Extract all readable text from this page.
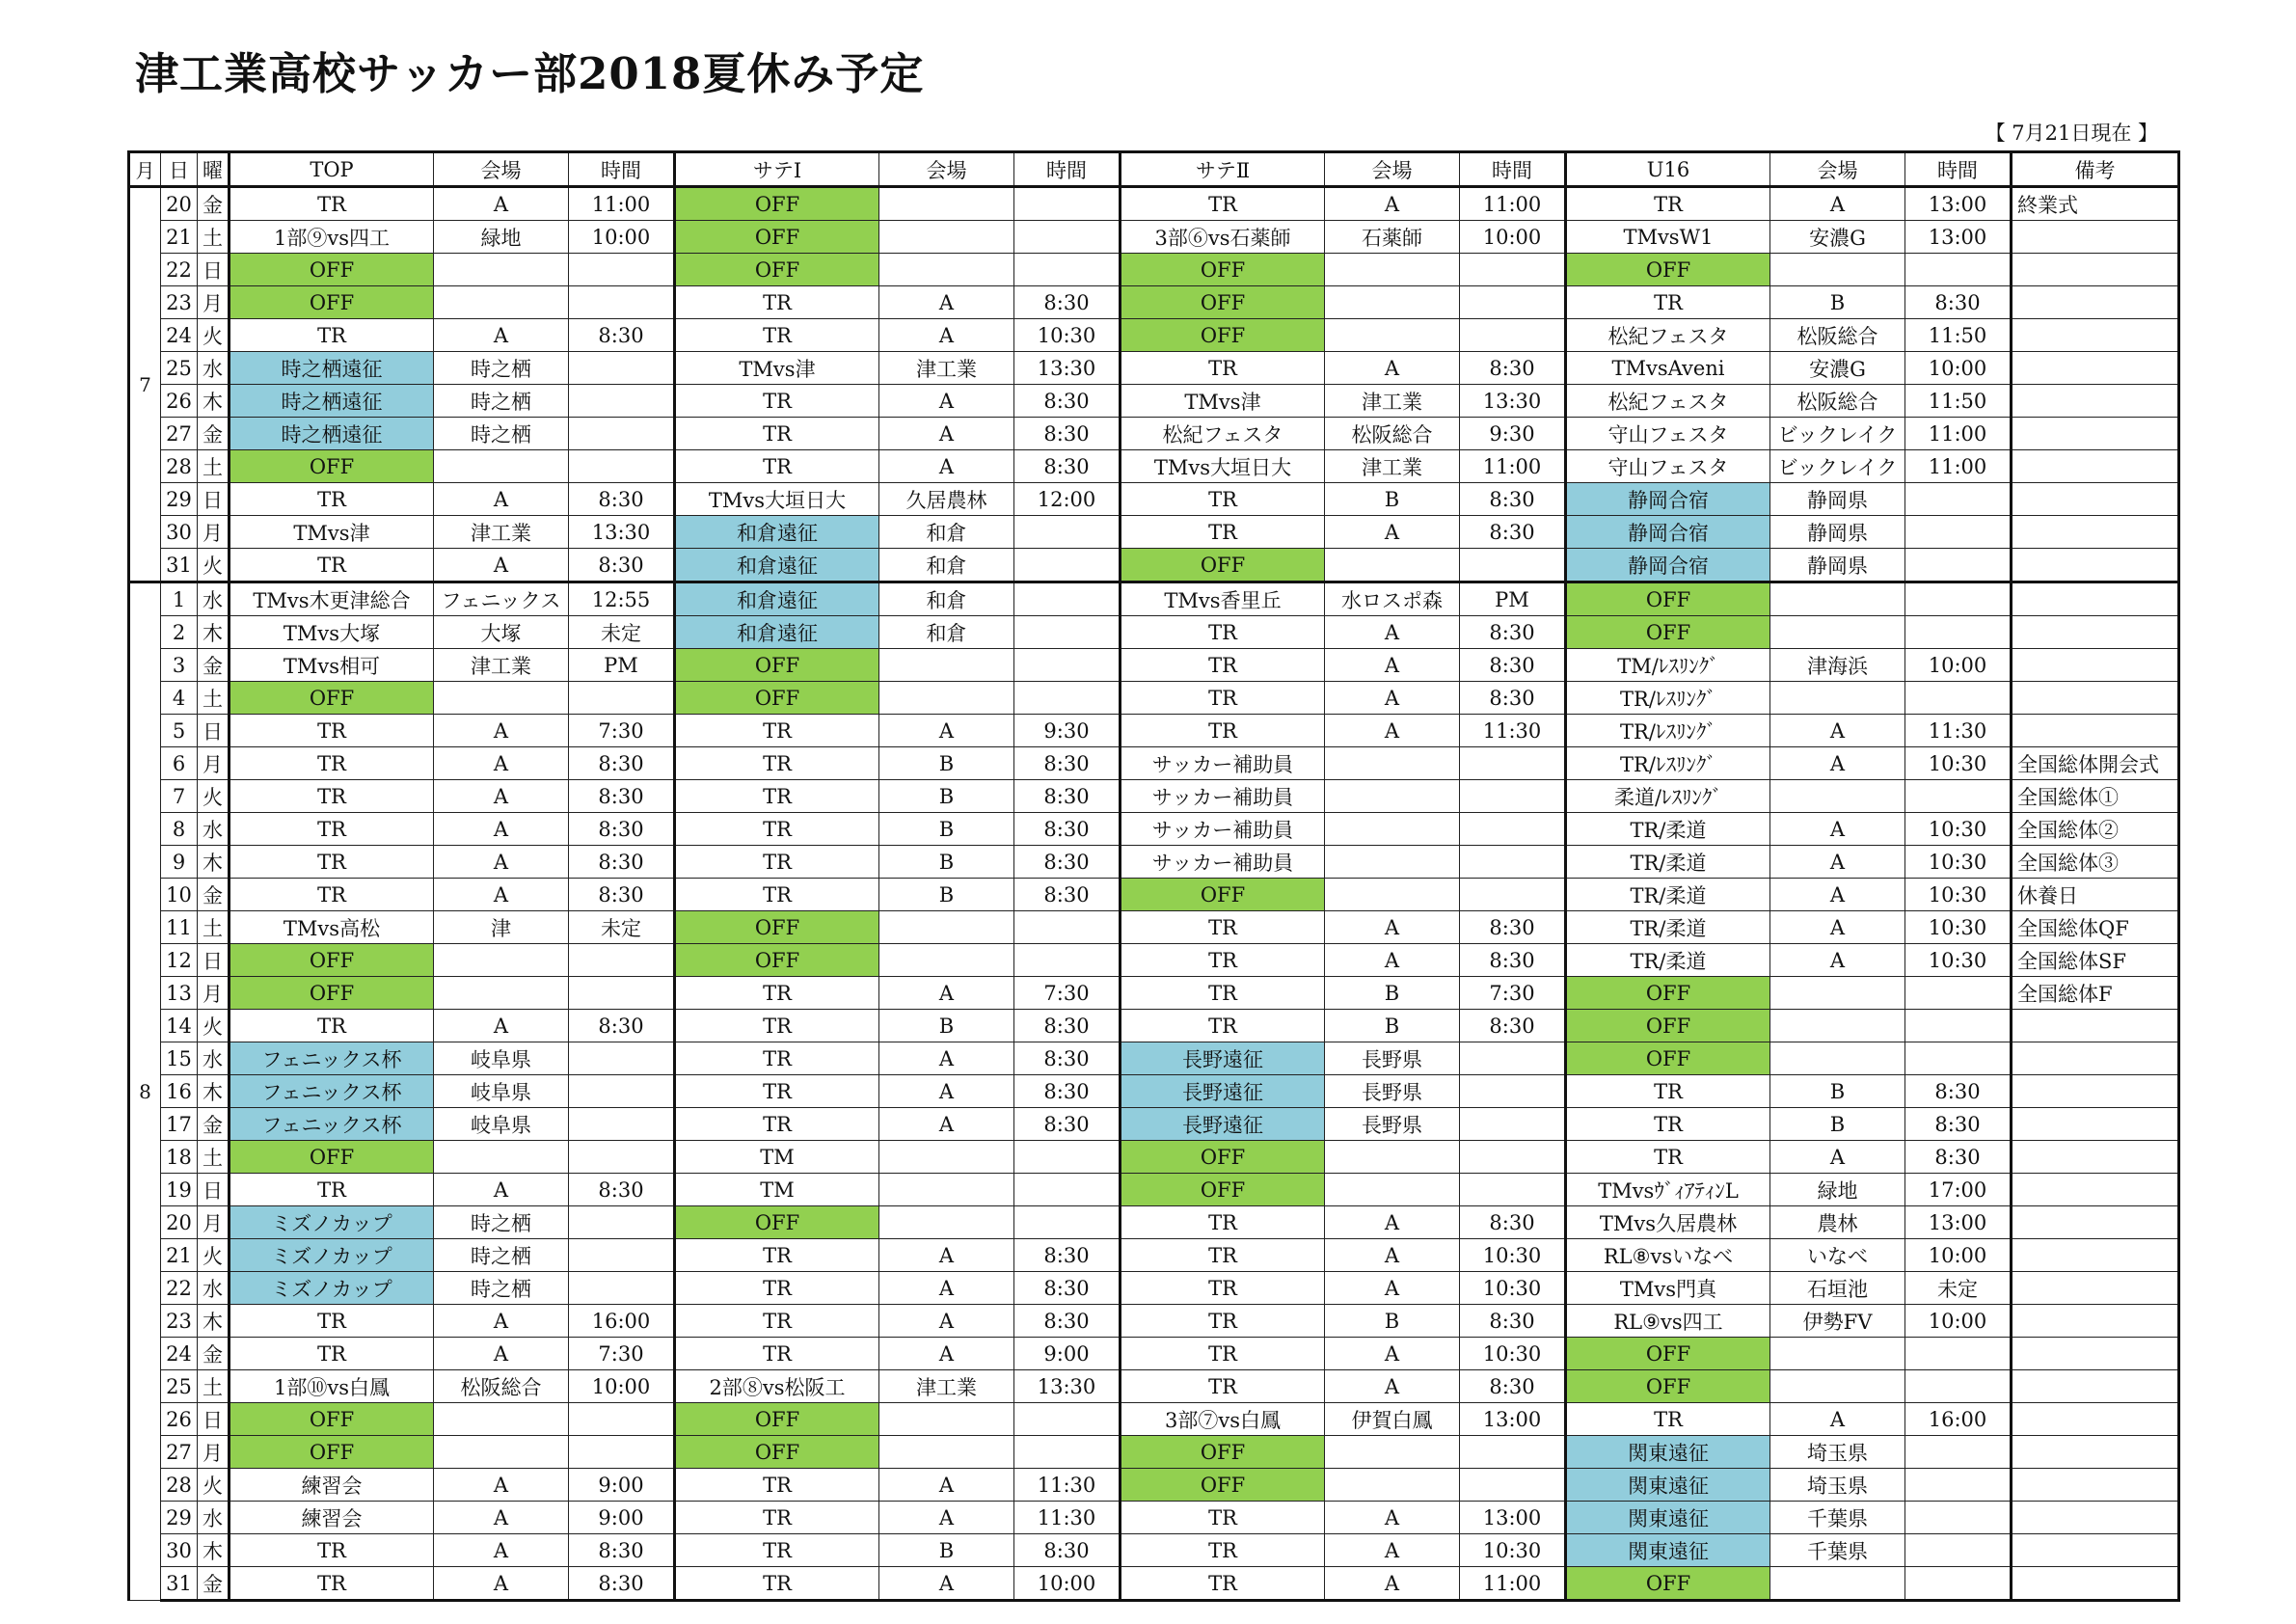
津工業高校サッカー部2018夏休み予定
【 7月21日現在 】
月	日	曜	TOP	会場	時間	サテⅠ	会場	時間	サテⅡ	会場	時間	U16	会場	時間	備考
7	20	金	TR	A	11:00	OFF			TR	A	11:00	TR	A	13:00	終業式
	21	土	1部⑨vs四工	緑地	10:00	OFF			3部⑥vs石薬師	石薬師	10:00	TMvsW1	安濃G	13:00	
	22	日	OFF			OFF			OFF			OFF			
	23	月	OFF			TR	A	8:30	OFF			TR	B	8:30	
	24	火	TR	A	8:30	TR	A	10:30	OFF			松紀フェスタ	松阪総合	11:50	
	25	水	時之栖遠征	時之栖		TMvs津	津工業	13:30	TR	A	8:30	TMvsAveni	安濃G	10:00	
	26	木	時之栖遠征	時之栖		TR	A	8:30	TMvs津	津工業	13:30	松紀フェスタ	松阪総合	11:50	
	27	金	時之栖遠征	時之栖		TR	A	8:30	松紀フェスタ	松阪総合	9:30	守山フェスタ	ビックレイク	11:00	
	28	土	OFF			TR	A	8:30	TMvs大垣日大	津工業	11:00	守山フェスタ	ビックレイク	11:00	
	29	日	TR	A	8:30	TMvs大垣日大	久居農林	12:00	TR	B	8:30	静岡合宿	静岡県		
	30	月	TMvs津	津工業	13:30	和倉遠征	和倉		TR	A	8:30	静岡合宿	静岡県		
	31	火	TR	A	8:30	和倉遠征	和倉		OFF			静岡合宿	静岡県		
8	1	水	TMvs木更津総合	フェニックス	12:55	和倉遠征	和倉		TMvs香里丘	水ロスポ森	PM	OFF			
	2	木	TMvs大塚	大塚	未定	和倉遠征	和倉		TR	A	8:30	OFF			
	3	金	TMvs相可	津工業	PM	OFF			TR	A	8:30	TM/ﾚｽﾘﾝｸﾞ	津海浜	10:00	
	4	土	OFF			OFF			TR	A	8:30	TR/ﾚｽﾘﾝｸﾞ			
	5	日	TR	A	7:30	TR	A	9:30	TR	A	11:30	TR/ﾚｽﾘﾝｸﾞ	A	11:30	
	6	月	TR	A	8:30	TR	B	8:30	サッカー補助員			TR/ﾚｽﾘﾝｸﾞ	A	10:30	全国総体開会式
	7	火	TR	A	8:30	TR	B	8:30	サッカー補助員			柔道/ﾚｽﾘﾝｸﾞ			全国総体①
	8	水	TR	A	8:30	TR	B	8:30	サッカー補助員			TR/柔道	A	10:30	全国総体②
	9	木	TR	A	8:30	TR	B	8:30	サッカー補助員			TR/柔道	A	10:30	全国総体③
	10	金	TR	A	8:30	TR	B	8:30	OFF			TR/柔道	A	10:30	休養日
	11	土	TMvs高松	津	未定	OFF			TR	A	8:30	TR/柔道	A	10:30	全国総体QF
	12	日	OFF			OFF			TR	A	8:30	TR/柔道	A	10:30	全国総体SF
	13	月	OFF			TR	A	7:30	TR	B	7:30	OFF			全国総体F
	14	火	TR	A	8:30	TR	B	8:30	TR	B	8:30	OFF			
	15	水	フェニックス杯	岐阜県		TR	A	8:30	長野遠征	長野県		OFF			
	16	木	フェニックス杯	岐阜県		TR	A	8:30	長野遠征	長野県		TR	B	8:30	
	17	金	フェニックス杯	岐阜県		TR	A	8:30	長野遠征	長野県		TR	B	8:30	
	18	土	OFF			TM			OFF			TR	A	8:30	
	19	日	TR	A	8:30	TM			OFF			TMvsｳﾞｨｱﾃｨﾝL	緑地	17:00	
	20	月	ミズノカップ	時之栖		OFF			TR	A	8:30	TMvs久居農林	農林	13:00	
	21	火	ミズノカップ	時之栖		TR	A	8:30	TR	A	10:30	RL⑧vsいなべ	いなべ	10:00	
	22	水	ミズノカップ	時之栖		TR	A	8:30	TR	A	10:30	TMvs門真	石垣池	未定	
	23	木	TR	A	16:00	TR	A	8:30	TR	B	8:30	RL⑨vs四工	伊勢FV	10:00	
	24	金	TR	A	7:30	TR	A	9:00	TR	A	10:30	OFF			
	25	土	1部⑩vs白鳳	松阪総合	10:00	2部⑧vs松阪工	津工業	13:30	TR	A	8:30	OFF			
	26	日	OFF			OFF			3部⑦vs白鳳	伊賀白鳳	13:00	TR	A	16:00	
	27	月	OFF			OFF			OFF			関東遠征	埼玉県		
	28	火	練習会	A	9:00	TR	A	11:30	OFF			関東遠征	埼玉県		
	29	水	練習会	A	9:00	TR	A	11:30	TR	A	13:00	関東遠征	千葉県		
	30	木	TR	A	8:30	TR	B	8:30	TR	A	10:30	関東遠征	千葉県		
	31	金	TR	A	8:30	TR	A	10:00	TR	A	11:00	OFF			
